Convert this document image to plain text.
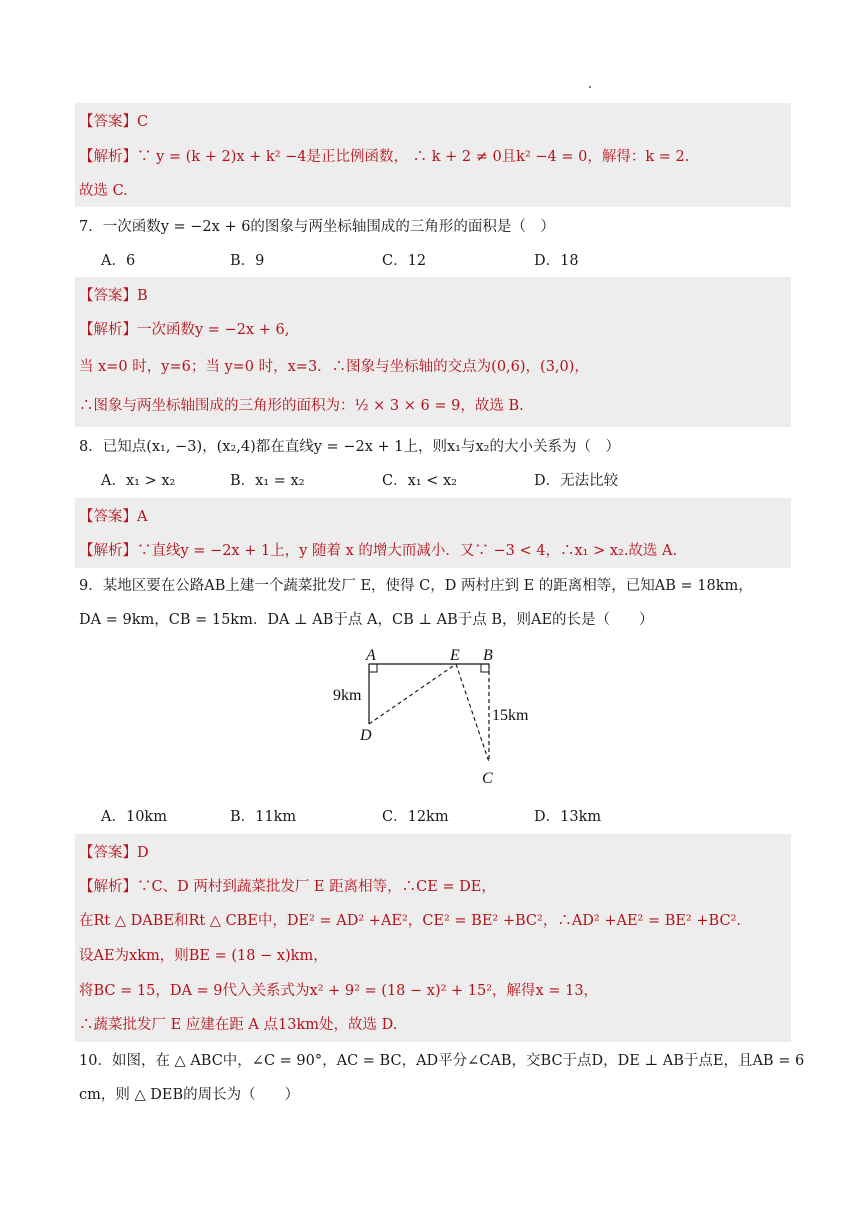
【答案】C
【解析】∵ y = (k + 2)x + k² −4是正比例函数， ∴ k + 2 ≠ 0且k² −4 = 0，解得：k = 2.
故选 C.
7．一次函数y = −2x + 6的图象与两坐标轴围成的三角形的面积是（　）
A．6	B．9	C．12	D．18
【答案】B
【解析】一次函数y = −2x + 6,
当 x=0 时，y=6；当 y=0 时，x=3．∴图象与坐标轴的交点为(0,6)，(3,0)，
∴图象与两坐标轴围成的三角形的面积为：½ × 3 × 6 = 9，故选 B.
8．已知点(x₁, −3)，(x₂,4)都在直线y = −2x + 1上，则x₁与x₂的大小关系为（　）
A．x₁ > x₂	B．x₁ = x₂	C．x₁ < x₂	D．无法比较
【答案】A
【解析】∵直线y = −2x + 1上，y 随着 x 的增大而减小．又∵ −3 < 4，∴x₁ > x₂.故选 A.
9．某地区要在公路AB上建一个蔬菜批发厂 E，使得 C，D 两村庄到 E 的距离相等，已知AB = 18km，
DA = 9km，CB = 15km．DA ⊥ AB于点 A，CB ⊥ AB于点 B，则AE的长是（　　）
A	E B
D
C
9km
15km
A．10km	B．11km	C．12km	D．13km
【答案】D
【解析】∵C、D 两村到蔬菜批发厂 E 距离相等，∴CE = DE，
在Rt △ DABE和Rt △ CBE中，DE² = AD² +AE²，CE² = BE² +BC²，∴AD² +AE² = BE² +BC².
设AE为xkm，则BE = (18 − x)km，
将BC = 15，DA = 9代入关系式为x² + 9² = (18 − x)² + 15²，解得x = 13，
∴蔬菜批发厂 E 应建在距 A 点13km处，故选 D.
10．如图，在 △ ABC中，∠C = 90°，AC = BC，AD平分∠CAB，交BC于点D，DE ⊥ AB于点E，且AB = 6
cm，则 △ DEB的周长为（　　）
